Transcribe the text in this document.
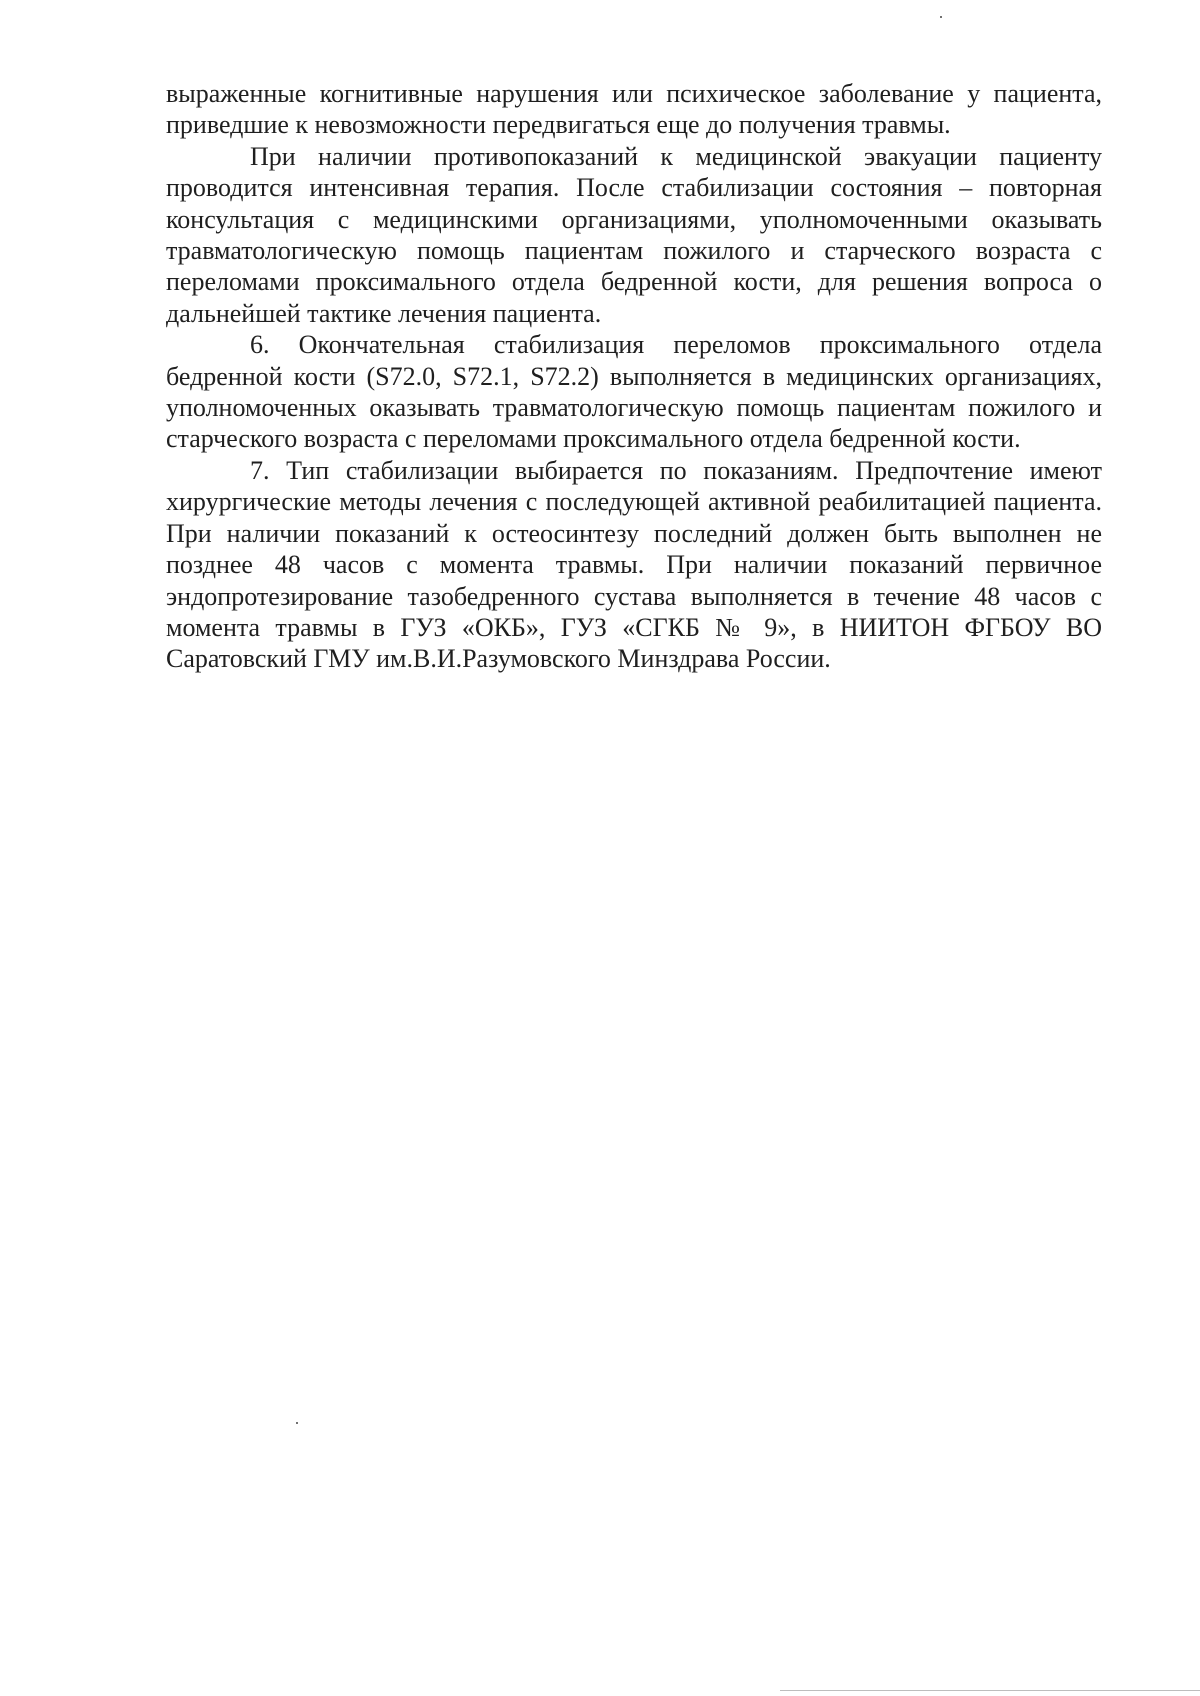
выраженные когнитивные нарушения или психическое заболевание у пациента, приведшие к невозможности передвигаться еще до получения травмы.

При наличии противопоказаний к медицинской эвакуации пациенту проводится интенсивная терапия. После стабилизации состояния – повторная консультация с медицинскими организациями, уполномоченными оказывать травматологическую помощь пациентам пожилого и старческого возраста с переломами проксимального отдела бедренной кости, для решения вопроса о дальнейшей тактике лечения пациента.

6. Окончательная стабилизация переломов проксимального отдела бедренной кости (S72.0, S72.1, S72.2) выполняется в медицинских организациях, уполномоченных оказывать травматологическую помощь пациентам пожилого и старческого возраста с переломами проксимального отдела бедренной кости.

7. Тип стабилизации выбирается по показаниям. Предпочтение имеют хирургические методы лечения с последующей активной реабилитацией пациента. При наличии показаний к остеосинтезу последний должен быть выполнен не позднее 48 часов с момента травмы. При наличии показаний первичное эндопротезирование тазобедренного сустава выполняется в течение 48 часов с момента травмы в ГУЗ «ОКБ», ГУЗ «СГКБ № 9», в НИИТОН ФГБОУ ВО Саратовский ГМУ им.В.И.Разумовского Минздрава России.
